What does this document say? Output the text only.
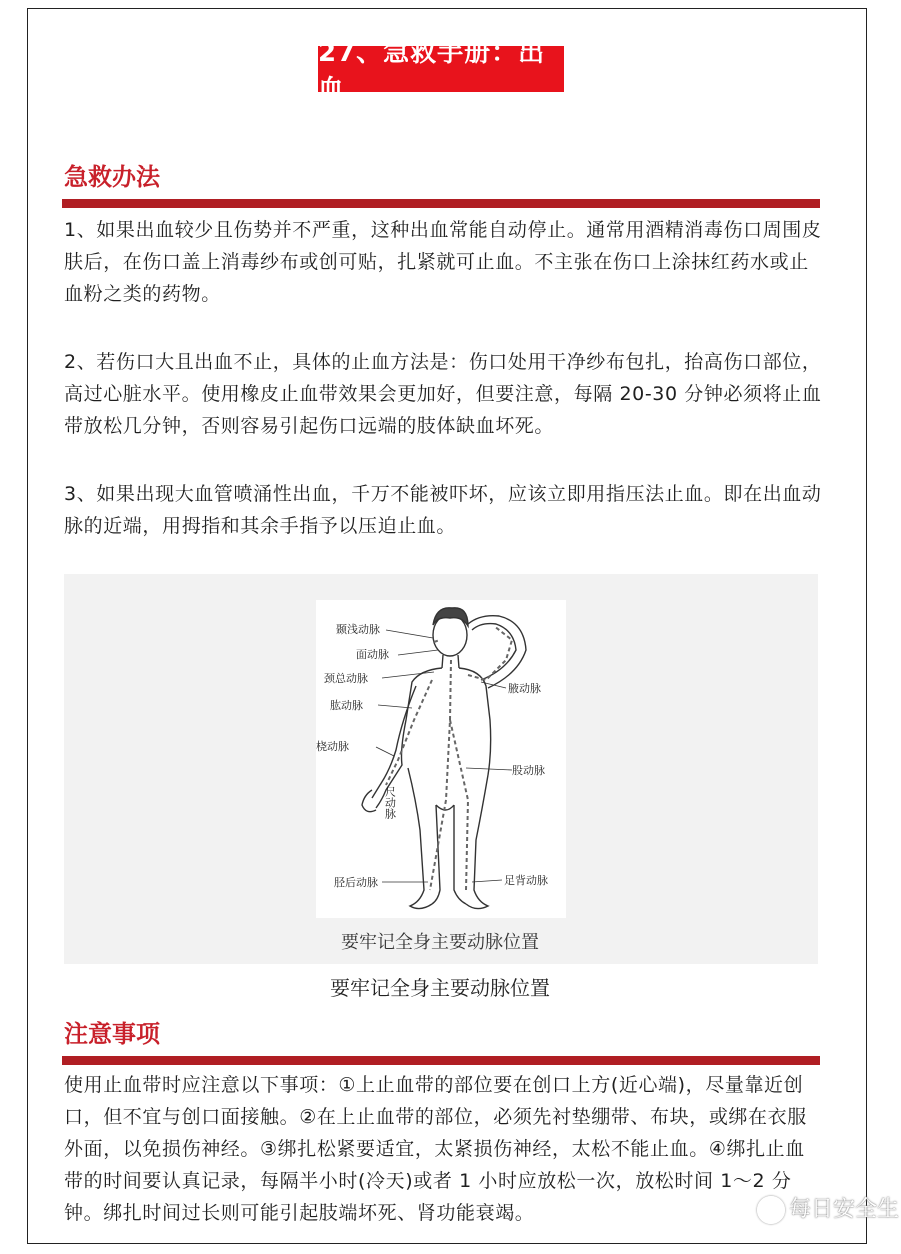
27、急救手册：出血
急救办法
1、如果出血较少且伤势并不严重，这种出血常能自动停止。通常用酒精消毒伤口周围皮肤后，在伤口盖上消毒纱布或创可贴，扎紧就可止血。不主张在伤口上涂抹红药水或止血粉之类的药物。
2、若伤口大且出血不止，具体的止血方法是：伤口处用干净纱布包扎，抬高伤口部位，高过心脏水平。使用橡皮止血带效果会更加好，但要注意，每隔 20-30 分钟必须将止血带放松几分钟，否则容易引起伤口远端的肢体缺血坏死。
3、如果出现大血管喷涌性出血，千万不能被吓坏，应该立即用指压法止血。即在出血动脉的近端，用拇指和其余手指予以压迫止血。
颞浅动脉
面动脉
颈总动脉
腋动脉
肱动脉
桡动脉
股动脉
胫后动脉	足背动脉
尺动脉
要牢记全身主要动脉位置
要牢记全身主要动脉位置
注意事项
使用止血带时应注意以下事项：①上止血带的部位要在创口上方(近心端)，尽量靠近创口，但不宜与创口面接触。②在上止血带的部位，必须先衬垫绷带、布块，或绑在衣服外面，以免损伤神经。③绑扎松紧要适宜，太紧损伤神经，太松不能止血。④绑扎止血带的时间要认真记录，每隔半小时(冷天)或者 1 小时应放松一次，放松时间 1～2 分钟。绑扎时间过长则可能引起肢端坏死、肾功能衰竭。	每日安全生
